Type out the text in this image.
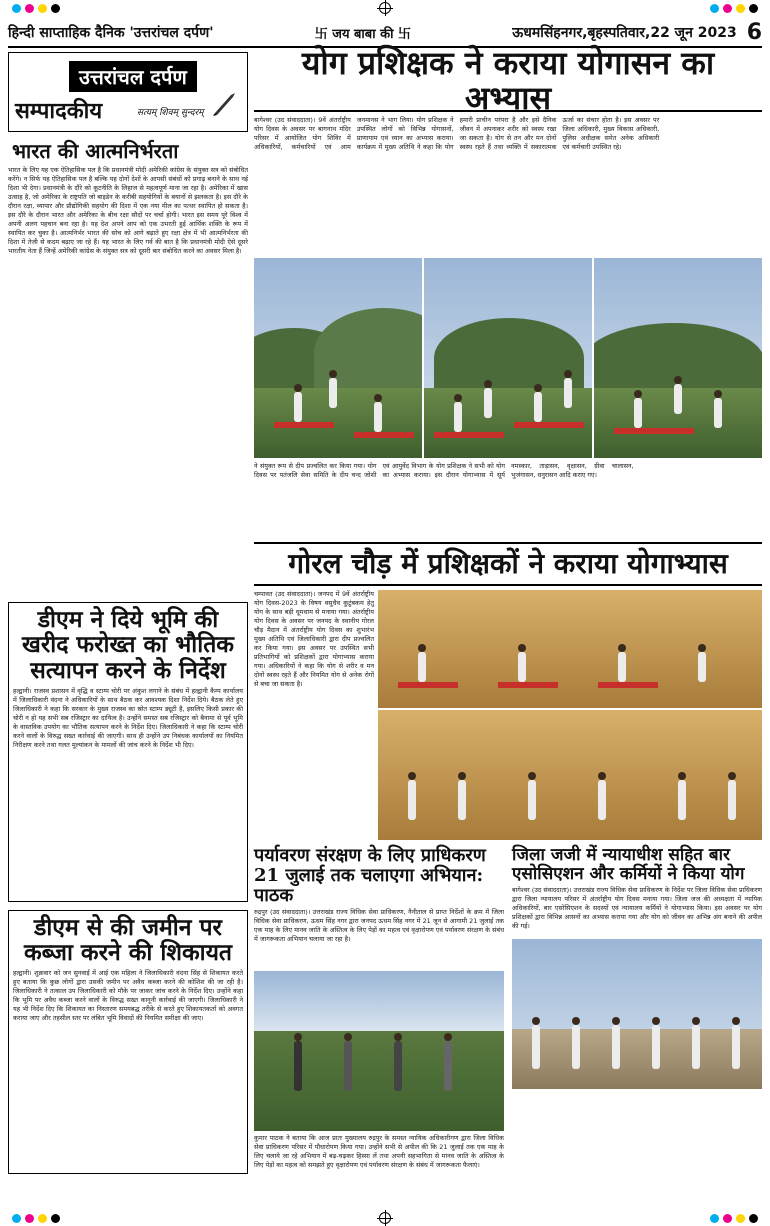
हिन्दी साप्ताहिक दैनिक 'उत्तरांचल दर्पण'	卐 जय बाबा की 卐	ऊधमसिंहनगर,बृहस्पतिवार,22 जून 2023 6
उत्तरांचल दर्पण
सम्पादकीय	सत्यम् शिवम् सुन्दरम्
भारत की आत्मनिर्भरता
भारत के लिए यह एक ऐतिहासिक पल है कि प्रधानमंत्री मोदी अमेरिकी कांग्रेस के संयुक्त सत्र को संबोधित करेंगे। न सिर्फ यह ऐतिहासिक पल है बल्कि यह दोनों देशों के आपसी संबंधों को प्रगाढ़ बनाने के साथ नई दिशा भी देगा। प्रधानमंत्री के दौरे को कूटनीति के लिहाज से महत्वपूर्ण माना जा रहा है। अमेरिका में खास उत्साह है, जो अमेरिका के राष्ट्रपति जो बाइडेन के करीबी सहयोगियों के बयानों से झलकता है। इस दौरे के दौरान रक्षा, व्यापार और प्रौद्योगिकी सहयोग की दिशा में एक नया मील का पत्थर स्थापित हो सकता है। इस दौरे के दौरान भारत और अमेरिका के बीच रक्षा सौदों पर चर्चा होगी। भारत इस समय पूरे विश्व में अपनी अलग पहचान बना रहा है। यह देश अपने आप को एक उभरती हुई आर्थिक शक्ति के रूप में स्थापित कर चुका है। आत्मनिर्भर भारत की सोच को आगे बढ़ाते हुए रक्षा क्षेत्र में भी आत्मनिर्भरता की दिशा में तेजी से कदम बढ़ाए जा रहे हैं। यह भारत के लिए गर्व की बात है कि प्रधानमंत्री मोदी ऐसे दूसरे भारतीय नेता हैं जिन्हें अमेरिकी कांग्रेस के संयुक्त सत्र को दूसरी बार संबोधित करने का अवसर मिला है।
डीएम ने दिये भूमि की खरीद फरोख्त का भौतिक सत्यापन करने के निर्देश
हल्द्वानी। राजस्व प्रशासन में वृद्धि व स्टाम्प चोरी पर अंकुश लगाने के संबंध में हल्द्वानी कैम्प कार्यालय में जिलाधिकारी वंदना ने अधिकारियों के साथ बैठक कर आवश्यक दिशा निर्देश दिये। बैठक लेते हुए जिलाधिकारी ने कहा कि सरकार के मुख्य राजस्व का स्रोत स्टाम्प ड्यूटी है, इसलिए किसी प्रकार की चोरी न हो यह सभी सब रजिस्ट्रार का दायित्व है। उन्होंने समस्त सब रजिस्ट्रार को बैनामा से पूर्व भूमि के वास्तविक उपयोग का भौतिक सत्यापन करने के निर्देश दिए। जिलाधिकारी ने कहा कि स्टाम्प चोरी करने वालों के विरुद्ध सख्त कार्रवाई की जाएगी। साथ ही उन्होंने उप निबंधक कार्यालयों का नियमित निरीक्षण करने तथा गलत मूल्यांकन के मामलों की जांच करने के निर्देश भी दिए।
डीएम से की जमीन पर कब्जा करने की शिकायत
हल्द्वानी। शुक्रवार को जन सुनवाई में आई एक महिला ने जिलाधिकारी वंदना सिंह से शिकायत करते हुए बताया कि कुछ लोगों द्वारा उसकी जमीन पर अवैध कब्जा करने की कोशिश की जा रही है। जिलाधिकारी ने तत्काल उप जिलाधिकारी को मौके पर जाकर जांच करने के निर्देश दिए। उन्होंने कहा कि भूमि पर अवैध कब्जा करने वालों के विरुद्ध सख्त कानूनी कार्रवाई की जाएगी। जिलाधिकारी ने यह भी निर्देश दिए कि शिकायत का निस्तारण समयबद्ध तरीके से करते हुए शिकायतकर्ता को अवगत कराया जाए और तहसील स्तर पर लंबित भूमि विवादों की नियमित समीक्षा की जाए।
योग प्रशिक्षक ने कराया योगासन का अभ्यास
बागेश्वर (उद संवाददाता)। 9वें अंतर्राष्ट्रीय योग दिवस के अवसर पर बागनाथ मंदिर परिसर में आयोजित योग शिविर में अधिकारियों, कर्मचारियों एवं आम जनमानस ने भाग लिया। योग प्रशिक्षक ने उपस्थित लोगों को विभिन्न योगासनों, प्राणायाम एवं ध्यान का अभ्यास कराया। कार्यक्रम में मुख्य अतिथि ने कहा कि योग हमारी प्राचीन परंपरा है और इसे दैनिक जीवन में अपनाकर शरीर को स्वस्थ रखा जा सकता है। योग से तन और मन दोनों स्वस्थ रहते हैं तथा व्यक्ति में सकारात्मक ऊर्जा का संचार होता है। इस अवसर पर जिला अधिकारी, मुख्य विकास अधिकारी, पुलिस अधीक्षक समेत अनेक अधिकारी एवं कर्मचारी उपस्थित रहे।
ने संयुक्त रूप से दीप प्रज्वलित कर किया गया। योग दिवस पर पतंजलि सेवा समिति के दीप चन्द जोशी एवं आयुर्वेद विभाग के योग प्रशिक्षक ने सभी को योग का अभ्यास कराया। इस दौरान योगाभ्यास में सूर्य नमस्कार, ताड़ासन, वृक्षासन, ग्रीवा चालासन, भुजंगासन, धनुरासन आदि कराए गए।
गोरल चौड़ में प्रशिक्षकों ने कराया योगाभ्यास
चम्पावत (उद संवाददाता)। जनपद में 9वें अंतर्राष्ट्रीय योग दिवस-2023 के विषय वसुधैव कुटुंबकम हेतु योग के साथ बड़ी धूमधाम से मनाया गया। अंतर्राष्ट्रीय योग दिवस के अवसर पर जनपद के स्थानीय गोरल चौड़ मैदान में अंतर्राष्ट्रीय योग दिवस का शुभारंभ मुख्य अतिथि एवं जिलाधिकारी द्वारा दीप प्रज्वलित कर किया गया। इस अवसर पर उपस्थित सभी प्रतिभागियों को प्रशिक्षकों द्वारा योगाभ्यास कराया गया। अधिकारियों ने कहा कि योग से शरीर व मन दोनों स्वस्थ रहते हैं और नियमित योग से अनेक रोगों से बचा जा सकता है।
पर्यावरण संरक्षण के लिए प्राधिकरण 21 जुलाई तक चलाएगा अभियान: पाठक
रुद्रपुर (उद संवाददाता)। उत्तराखंड राज्य विधिक सेवा प्राधिकरण, नैनीताल से प्राप्त निर्देशों के क्रम में जिला विधिक सेवा प्राधिकरण, ऊधम सिंह नगर द्वारा जनपद ऊधम सिंह नगर में 21 जून से आगामी 21 जुलाई तक एक माह के लिए मानव जाति के अस्तित्व के लिए पेड़ों का महत्व एवं वृक्षारोपण एवं पर्यावरण संरक्षण के संबंध में जागरूकता अभियान चलाया जा रहा है।
कुमार पाठक ने बताया कि आज प्रातः मुख्यालय रुद्रपुर के समस्त न्यायिक अधिकारीगण द्वारा जिला विधिक सेवा प्राधिकरण परिसर में पौधारोपण किया गया। उन्होंने सभी से अपील की कि 21 जुलाई तक एक माह के लिए चलाये जा रहे अभियान में बढ़-चढ़कर हिस्सा लें तथा अपनी सहभागिता से मानव जाति के अस्तित्व के लिए पेड़ों का महत्व को समझते हुए वृक्षारोपण एवं पर्यावरण संरक्षण के संबंध में जागरूकता फैलाएं।
जिला जजी में न्यायाधीश सहित बार एसोसिएशन और कर्मियों ने किया योग
बागेश्वर (उद संवाददाता)। उत्तराखंड राज्य विधिक सेवा प्राधिकरण के निर्देश पर जिला विधिक सेवा प्राधिकरण द्वारा जिला न्यायालय परिसर में अंतर्राष्ट्रीय योग दिवस मनाया गया। जिला जज की अध्यक्षता में न्यायिक अधिकारियों, बार एसोसिएशन के सदस्यों एवं न्यायालय कर्मियों ने योगाभ्यास किया। इस अवसर पर योग प्रशिक्षकों द्वारा विभिन्न आसनों का अभ्यास कराया गया और योग को जीवन का अभिन्न अंग बनाने की अपील की गई।
